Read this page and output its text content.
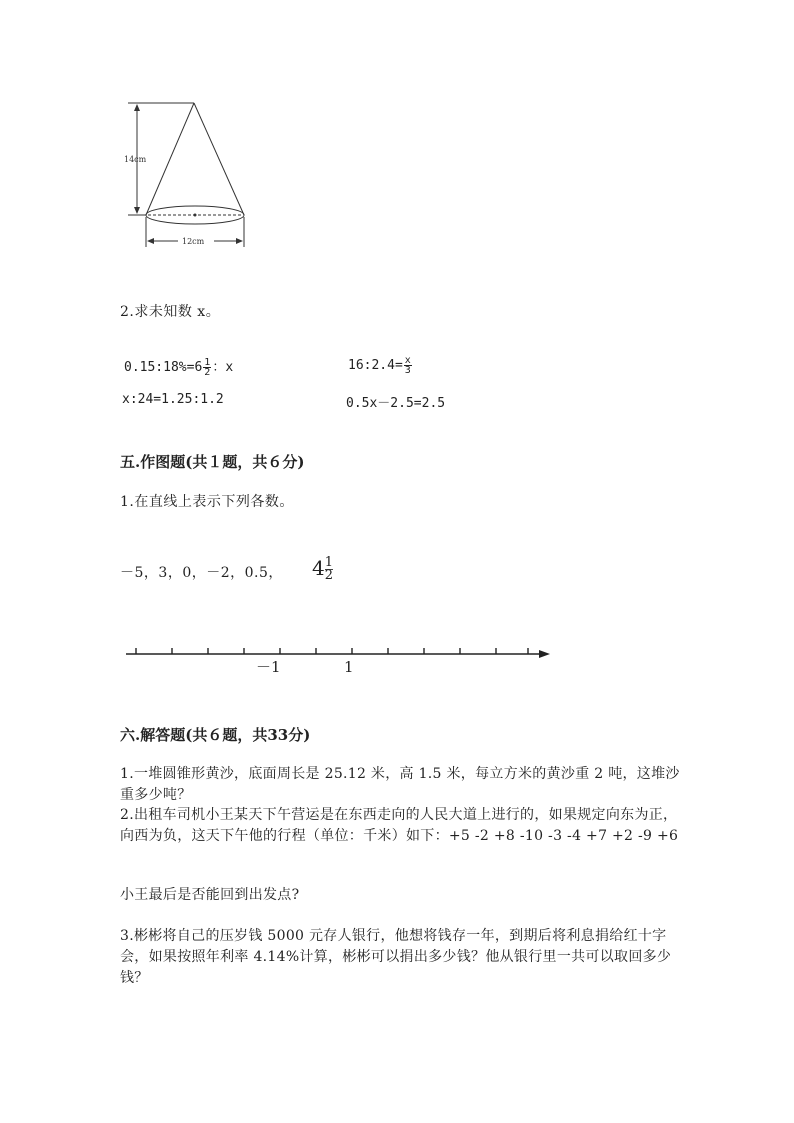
14cm
12cm
2.求未知数 x。
0.15:18%=6 $\frac{1}{2}$ ：x	16:2.4= $\frac{x}{3}$
x:24=1.25:1.2	0.5x－2.5=2.5
五.作图题(共１题，共６分)
1.在直线上表示下列各数。
－5，3，0，－2，0.5， $4 \frac{1}{2}$
－1	1
六.解答题(共６题，共33分)
1.一堆圆锥形黄沙，底面周长是 25.12 米，高 1.5 米，每立方米的黄沙重 2 吨，这堆沙重多少吨？
2.出租车司机小王某天下午营运是在东西走向的人民大道上进行的，如果规定向东为正，向西为负，这天下午他的行程（单位：千米）如下：+5 -2 +8 -10 -3 -4 +7 +2 -9 +6
小王最后是否能回到出发点?
3.彬彬将自己的压岁钱 5000 元存人银行，他想将钱存一年，到期后将利息捐给红十字会，如果按照年利率 4.14%计算，彬彬可以捐出多少钱？他从银行里一共可以取回多少钱？
